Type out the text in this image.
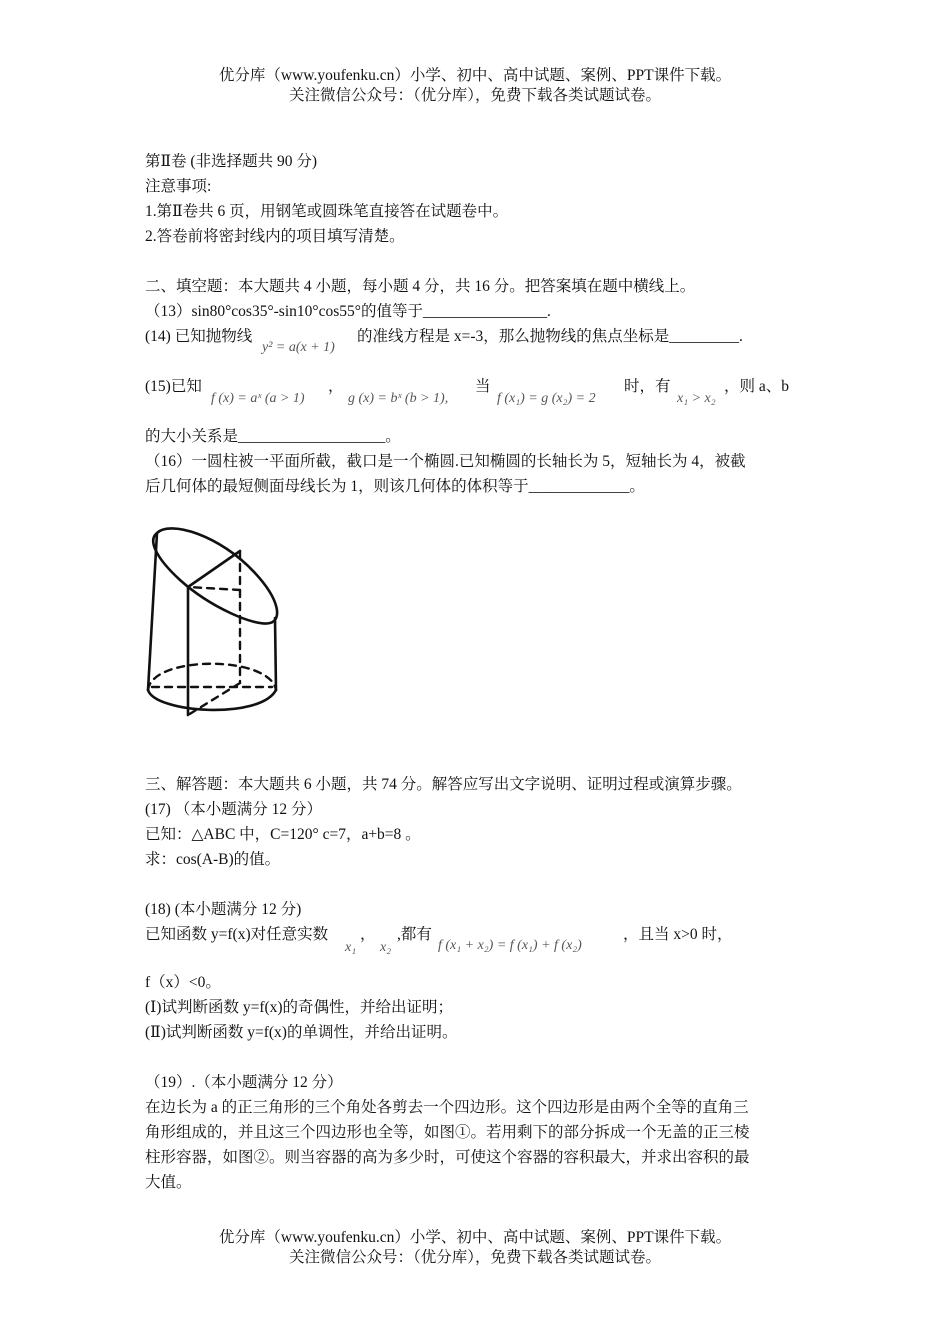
优分库（www.youfenku.cn）小学、初中、高中试题、案例、PPT课件下载。
关注微信公众号：（优分库），免费下载各类试题试卷。
第Ⅱ卷 (非选择题共 90 分)
注意事项:
1.第Ⅱ卷共 6 页，用钢笔或圆珠笔直接答在试题卷中。
2.答卷前将密封线内的项目填写清楚。
二、填空题：本大题共 4 小题，每小题 4 分，共 16 分。把答案填在题中横线上。
（13）sin80°cos35°-sin10°cos55°的值等于________________.
(14) 已知抛物线
y² = a(x + 1)
的准线方程是 x=-3，那么抛物线的焦点坐标是_________.
(15)已知
f (x) = aˣ (a > 1)
，
g (x) = bˣ (b > 1),
当
f (x₁) = g (x₂) = 2
时，有
x₁ > x₂
，则 a、b
的大小关系是___________________。
（16）一圆柱被一平面所截，截口是一个椭圆.已知椭圆的长轴长为 5，短轴长为 4，被截
后几何体的最短侧面母线长为 1，则该几何体的体积等于_____________。
三、解答题：本大题共 6 小题，共 74 分。解答应写出文字说明、证明过程或演算步骤。
(17) （本小题满分 12 分）
已知：△ABC 中，C=120° c=7，a+b=8 。
求：cos(A-B)的值。
(18) (本小题满分 12 分)
已知函数 y=f(x)对任意实数
x₁
，
x₂
,都有
f (x₁ + x₂) = f (x₁) + f (x₂)
，且当 x>0 时，
f（x）<0。
(Ⅰ)试判断函数 y=f(x)的奇偶性，并给出证明；
(Ⅱ)试判断函数 y=f(x)的单调性，并给出证明。
（19）.（本小题满分 12 分）
在边长为 a 的正三角形的三个角处各剪去一个四边形。这个四边形是由两个全等的直角三
角形组成的，并且这三个四边形也全等，如图①。若用剩下的部分拆成一个无盖的正三棱
柱形容器，如图②。则当容器的高为多少时，可使这个容器的容积最大，并求出容积的最
大值。
优分库（www.youfenku.cn）小学、初中、高中试题、案例、PPT课件下载。
关注微信公众号：（优分库），免费下载各类试题试卷。
